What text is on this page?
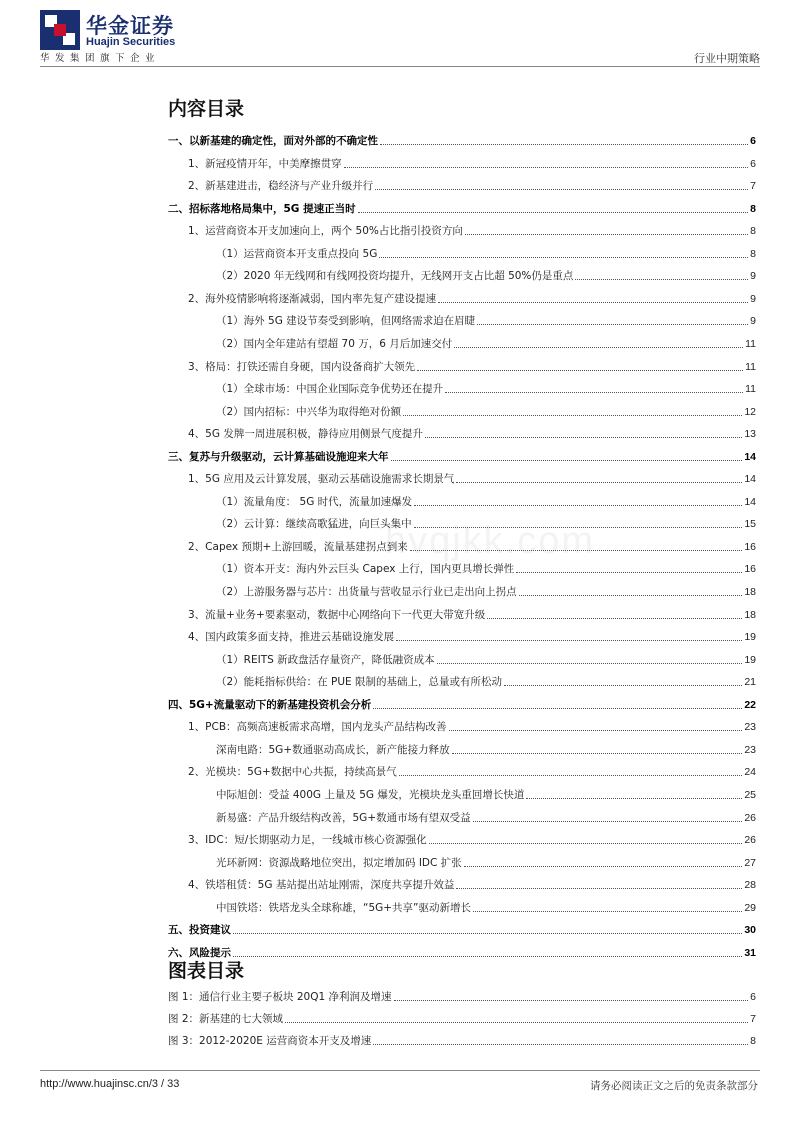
华金证券
Huajin Securities
华发集团旗下企业	行业中期策略
hvqjkk.com
内容目录
一、以新基建的确定性，面对外部的不确定性	6
1、新冠疫情开年，中美摩擦贯穿	6
2、新基建进击，稳经济与产业升级并行	7
二、招标落地格局集中，5G 提速正当时	8
1、运营商资本开支加速向上，两个 50%占比指引投资方向	8
（1）运营商资本开支重点投向 5G	8
（2）2020 年无线网和有线网投资均提升，无线网开支占比超 50%仍是重点	9
2、海外疫情影响将逐渐减弱，国内率先复产建设提速	9
（1）海外 5G 建设节奏受到影响，但网络需求迫在眉睫	9
（2）国内全年建站有望超 70 万，6 月后加速交付	11
3、格局：打铁还需自身硬，国内设备商扩大领先	11
（1）全球市场：中国企业国际竞争优势还在提升	11
（2）国内招标：中兴华为取得绝对份额	12
4、5G 发牌一周进展积极，静待应用侧景气度提升	13
三、复苏与升级驱动，云计算基础设施迎来大年	14
1、5G 应用及云计算发展，驱动云基础设施需求长期景气	14
（1）流量角度： 5G 时代，流量加速爆发	14
（2）云计算：继续高歌猛进，向巨头集中	15
2、Capex 预期+上游回暖，流量基建拐点到来	16
（1）资本开支：海内外云巨头 Capex 上行，国内更具增长弹性	16
（2）上游服务器与芯片：出货量与营收显示行业已走出向上拐点	18
3、流量+业务+要素驱动，数据中心网络向下一代更大带宽升级	18
4、国内政策多面支持，推进云基础设施发展	19
（1）REITS 新政盘活存量资产，降低融资成本	19
（2）能耗指标供给：在 PUE 限制的基础上，总量或有所松动	21
四、5G+流量驱动下的新基建投资机会分析	22
1、PCB：高频高速板需求高增，国内龙头产品结构改善	23
深南电路：5G+数通驱动高成长，新产能接力释放	23
2、光模块：5G+数据中心共振，持续高景气	24
中际旭创：受益 400G 上量及 5G 爆发，光模块龙头重回增长快道	25
新易盛：产品升级结构改善，5G+数通市场有望双受益	26
3、IDC：短/长期驱动力足，一线城市核心资源强化	26
光环新网：资源战略地位突出，拟定增加码 IDC 扩张	27
4、铁塔租赁：5G 基站提出站址刚需，深度共享提升效益	28
中国铁塔：铁塔龙头全球称雄，“5G+共享”驱动新增长	29
五、投资建议	30
六、风险提示	31
图表目录
图 1：通信行业主要子板块 20Q1 净利润及增速	6
图 2：新基建的七大领域	7
图 3：2012-2020E 运营商资本开支及增速	8
http://www.huajinsc.cn/3 / 33	请务必阅读正文之后的免责条款部分
